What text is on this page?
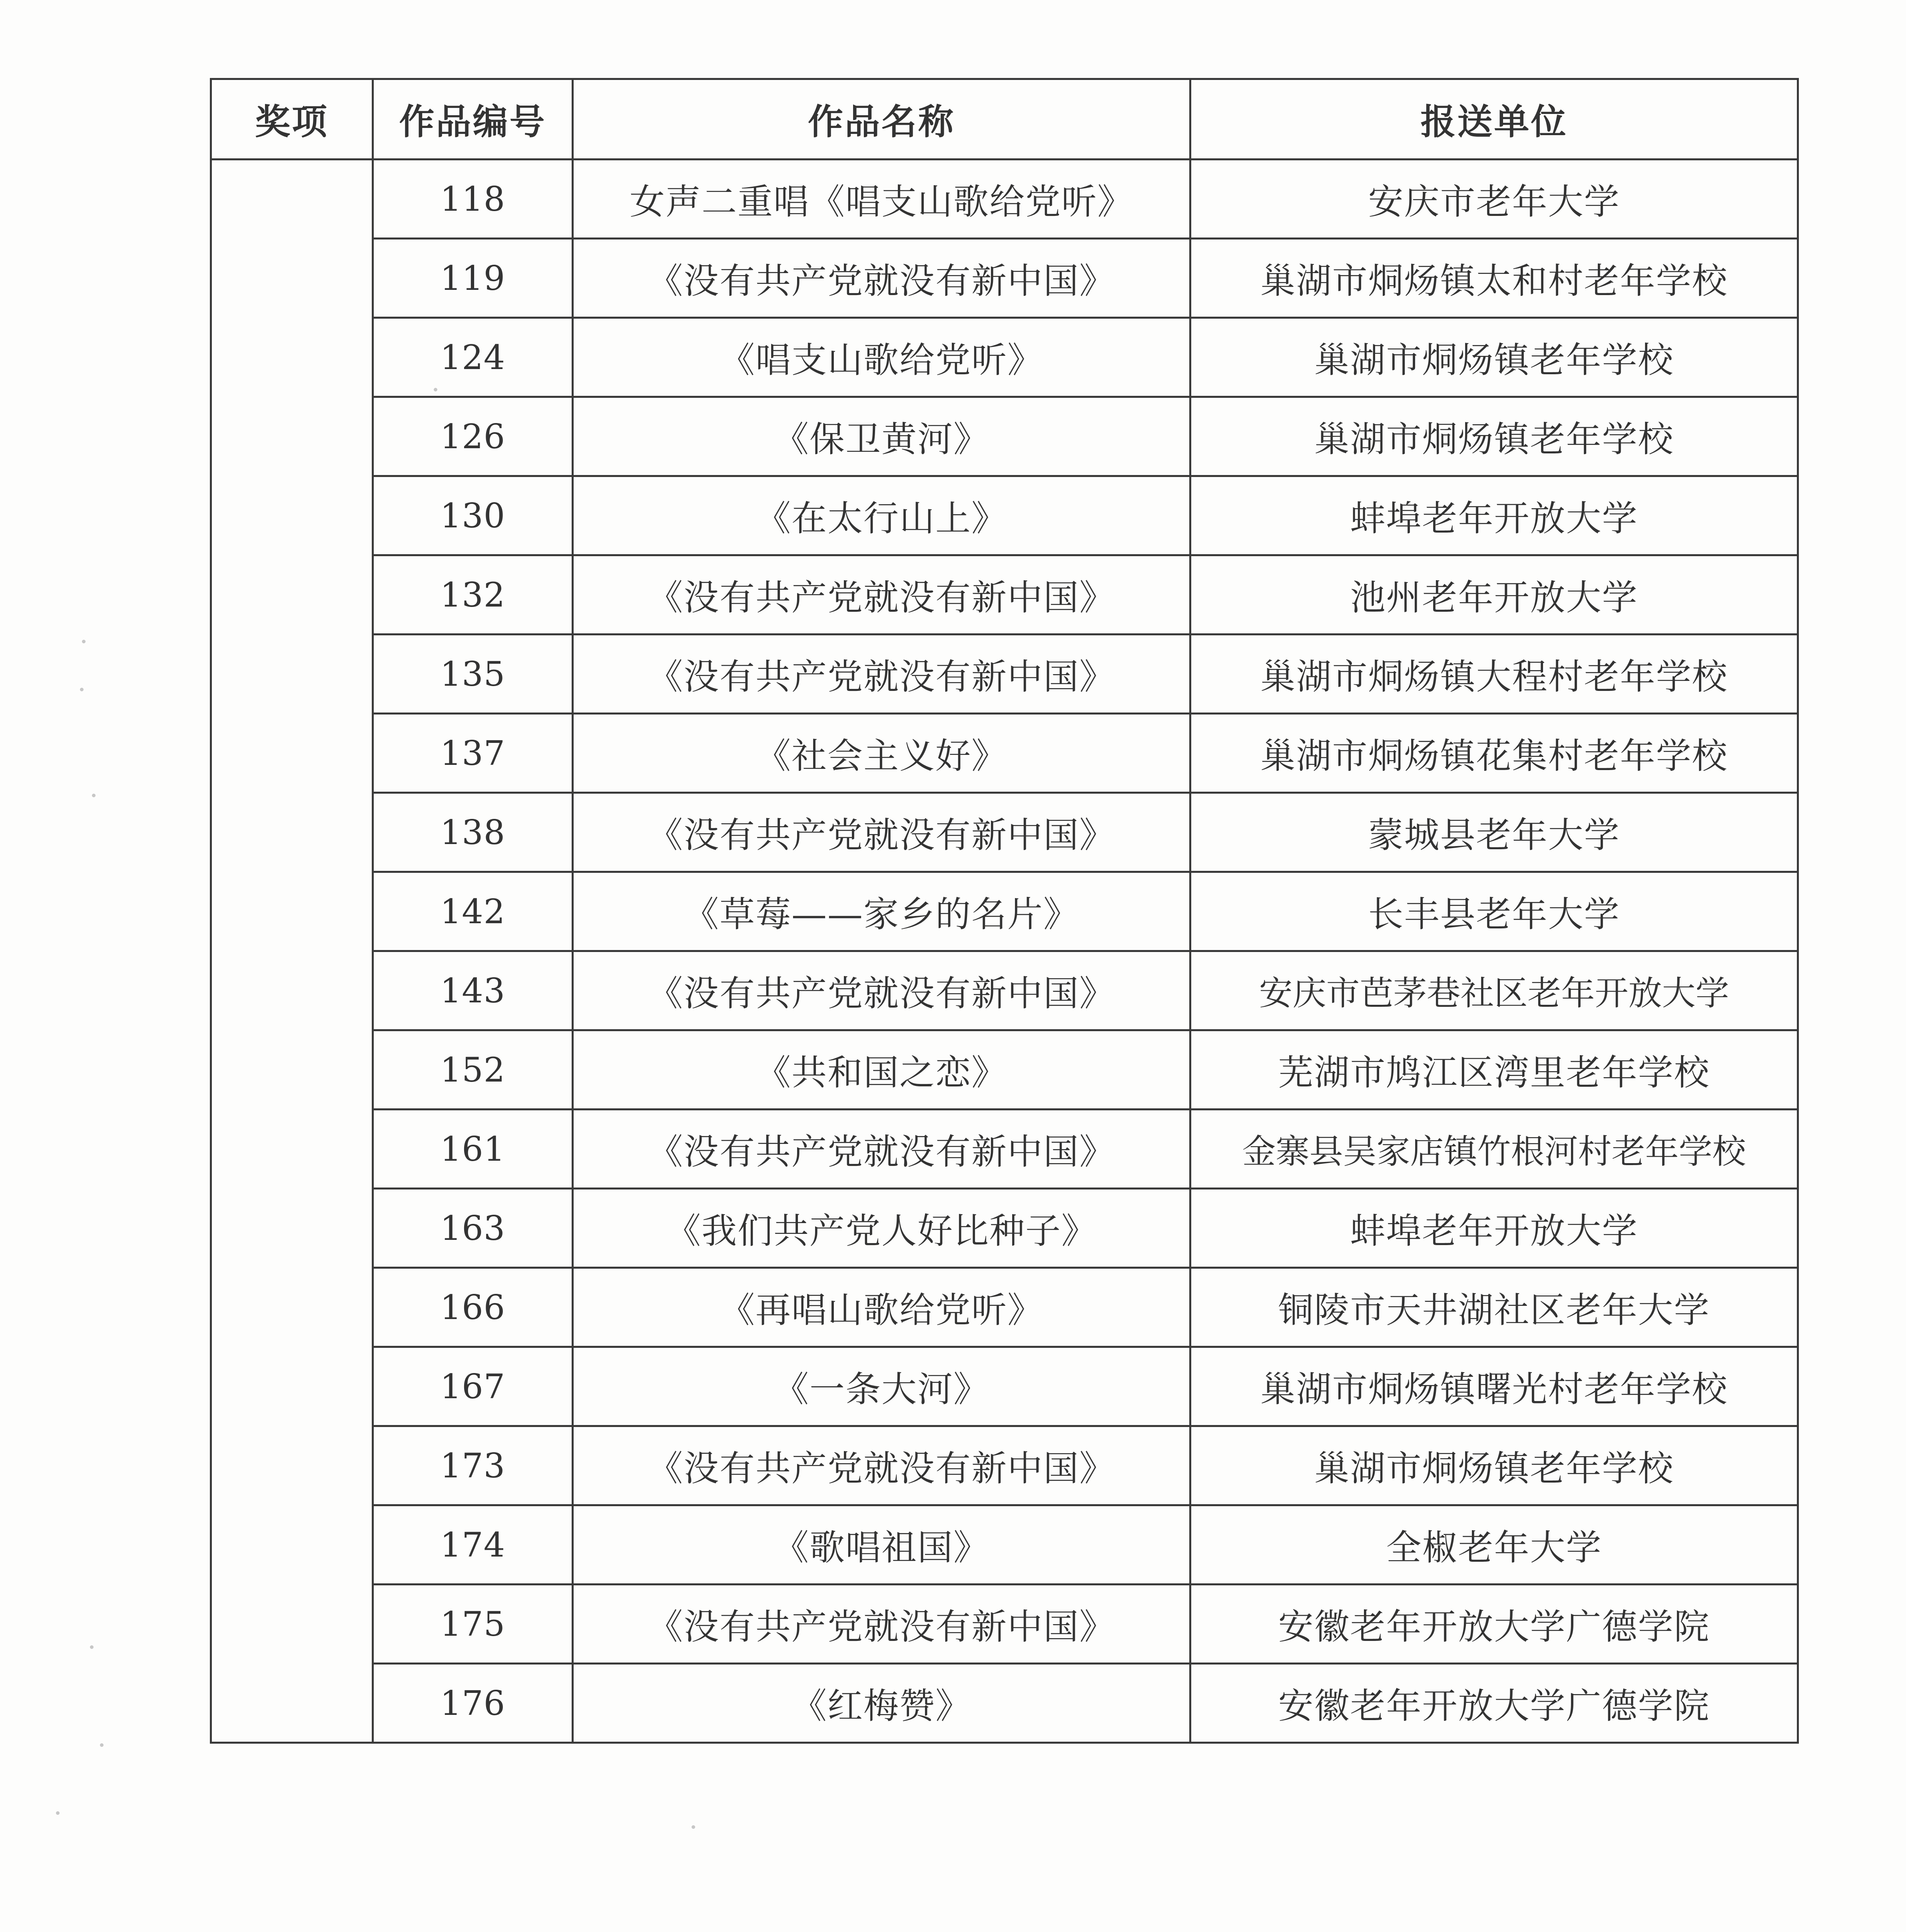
奖项	作品编号	作品名称	报送单位
	118	女声二重唱《唱支山歌给党听》	安庆市老年大学
	119	《没有共产党就没有新中国》	巢湖市烔炀镇太和村老年学校
	124	《唱支山歌给党听》	巢湖市烔炀镇老年学校
	126	《保卫黄河》	巢湖市烔炀镇老年学校
	130	《在太行山上》	蚌埠老年开放大学
	132	《没有共产党就没有新中国》	池州老年开放大学
	135	《没有共产党就没有新中国》	巢湖市烔炀镇大程村老年学校
	137	《社会主义好》	巢湖市烔炀镇花集村老年学校
	138	《没有共产党就没有新中国》	蒙城县老年大学
	142	《草莓——家乡的名片》	长丰县老年大学
	143	《没有共产党就没有新中国》	安庆市芭茅巷社区老年开放大学
	152	《共和国之恋》	芜湖市鸠江区湾里老年学校
	161	《没有共产党就没有新中国》	金寨县吴家店镇竹根河村老年学校
	163	《我们共产党人好比种子》	蚌埠老年开放大学
	166	《再唱山歌给党听》	铜陵市天井湖社区老年大学
	167	《一条大河》	巢湖市烔炀镇曙光村老年学校
	173	《没有共产党就没有新中国》	巢湖市烔炀镇老年学校
	174	《歌唱祖国》	全椒老年大学
	175	《没有共产党就没有新中国》	安徽老年开放大学广德学院
	176	《红梅赞》	安徽老年开放大学广德学院
